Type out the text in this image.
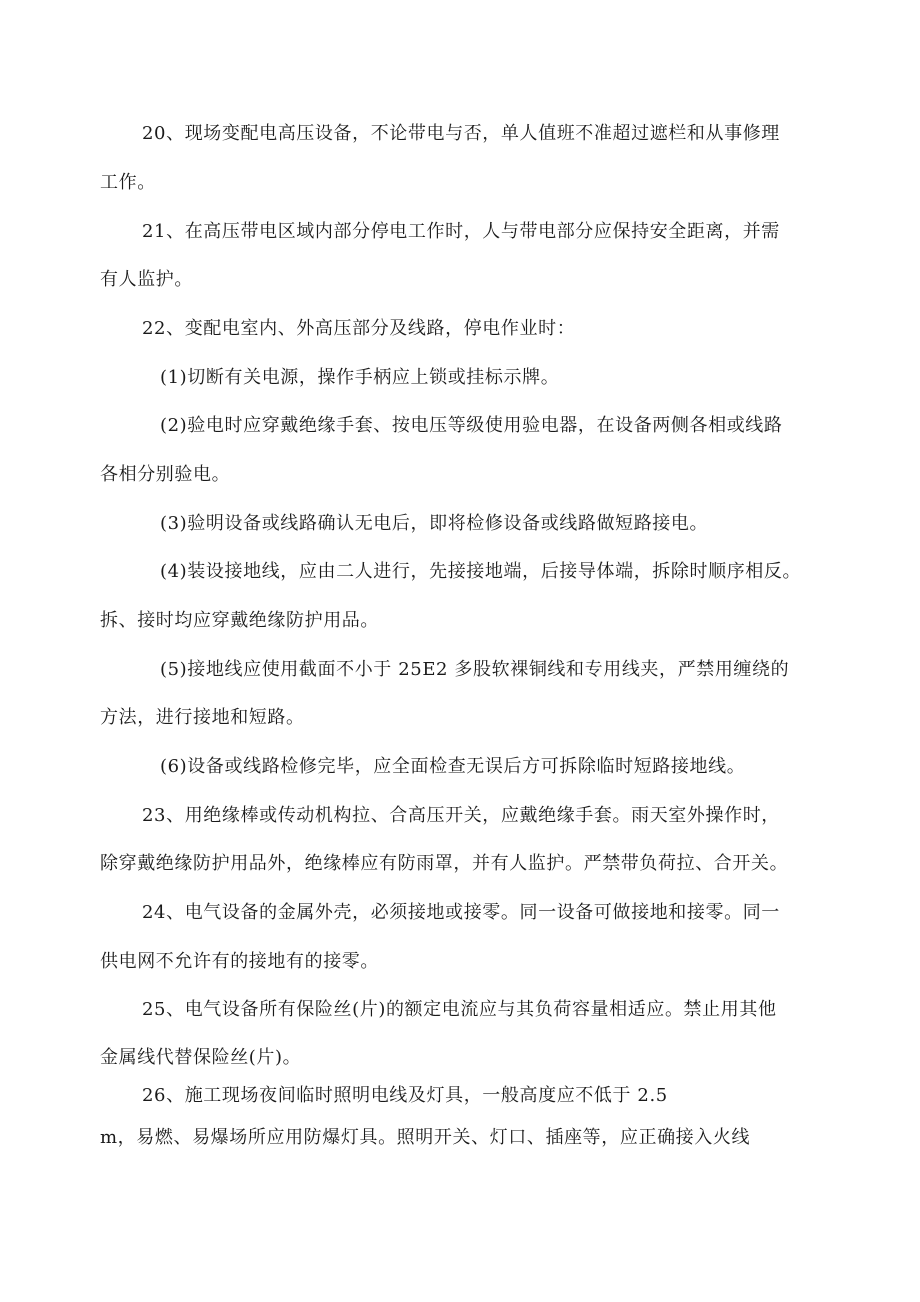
20、现场变配电高压设备，不论带电与否，单人值班不准超过遮栏和从事修理
工作。
21、在高压带电区域内部分停电工作时，人与带电部分应保持安全距离，并需
有人监护。
22、变配电室内、外高压部分及线路，停电作业时：
(1)切断有关电源，操作手柄应上锁或挂标示牌。
(2)验电时应穿戴绝缘手套、按电压等级使用验电器，在设备两侧各相或线路
各相分别验电。
(3)验明设备或线路确认无电后，即将检修设备或线路做短路接电。
(4)装设接地线，应由二人进行，先接接地端，后接导体端，拆除时顺序相反。
拆、接时均应穿戴绝缘防护用品。
(5)接地线应使用截面不小于 25E2 多股软裸铜线和专用线夹，严禁用缠绕的
方法，进行接地和短路。
(6)设备或线路检修完毕，应全面检查无误后方可拆除临时短路接地线。
23、用绝缘棒或传动机构拉、合高压开关，应戴绝缘手套。雨天室外操作时，
除穿戴绝缘防护用品外，绝缘棒应有防雨罩，并有人监护。严禁带负荷拉、合开关。
24、电气设备的金属外壳，必须接地或接零。同一设备可做接地和接零。同一
供电网不允许有的接地有的接零。
25、电气设备所有保险丝(片)的额定电流应与其负荷容量相适应。禁止用其他
金属线代替保险丝(片)。
26、施工现场夜间临时照明电线及灯具，一般高度应不低于 2.5
m，易燃、易爆场所应用防爆灯具。照明开关、灯口、插座等，应正确接入火线
